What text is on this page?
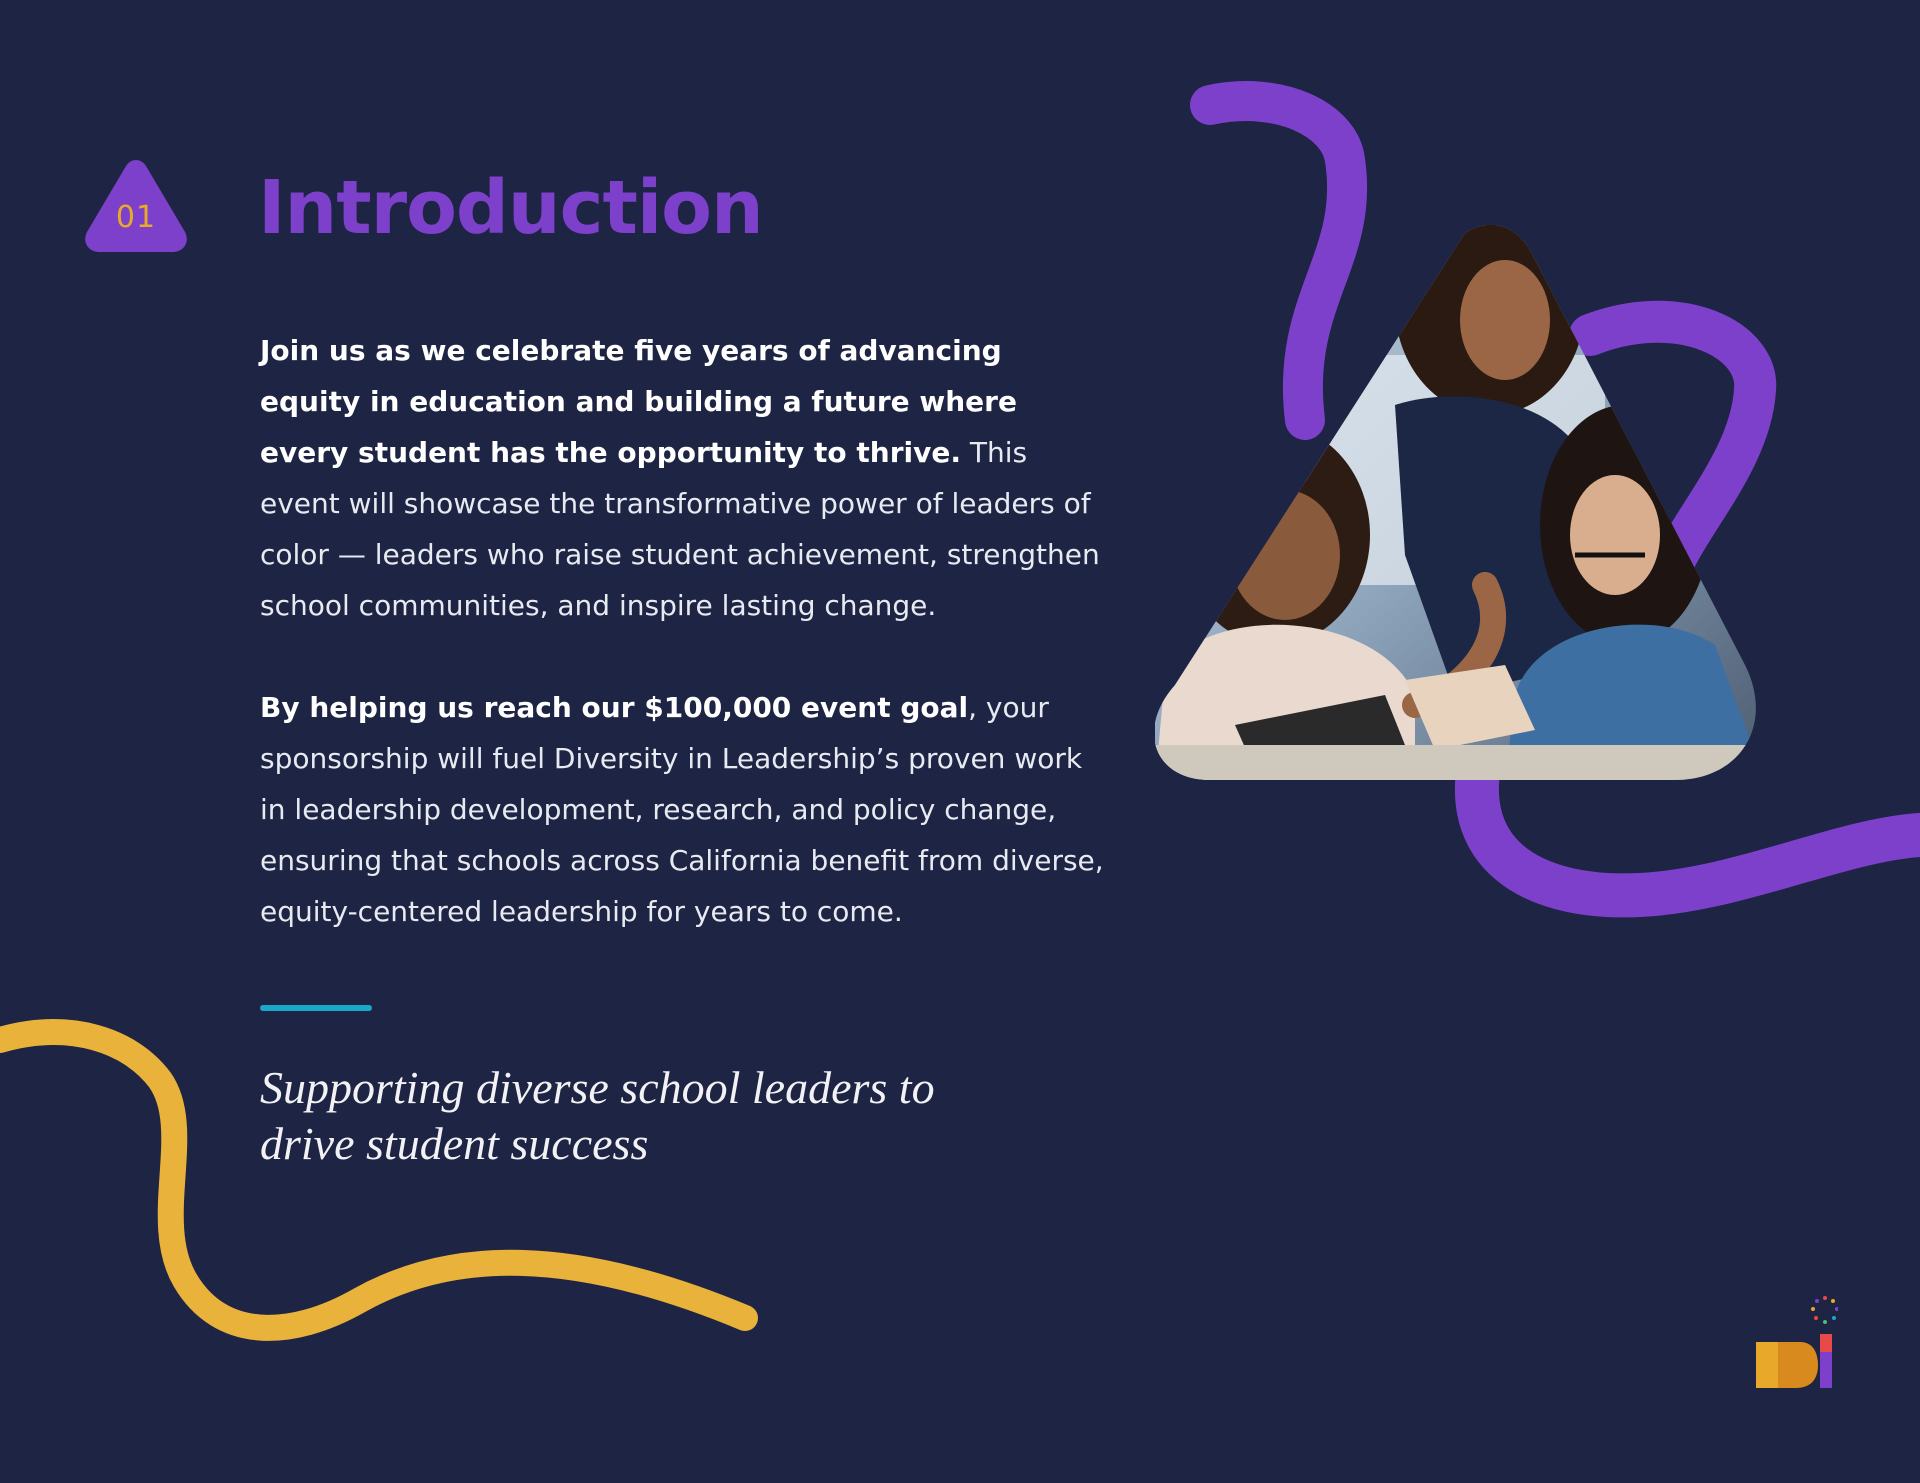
01	Introduction

Join us as we celebrate five years of advancing equity in education and building a future where every student has the opportunity to thrive. This event will showcase the transformative power of leaders of color — leaders who raise student achievement, strengthen school communities, and inspire lasting change.

By helping us reach our $100,000 event goal, your sponsorship will fuel Diversity in Leadership’s proven work in leadership development, research, and policy change, ensuring that schools across California benefit from diverse, equity-centered leadership for years to come.

Supporting diverse school leaders to drive student success
